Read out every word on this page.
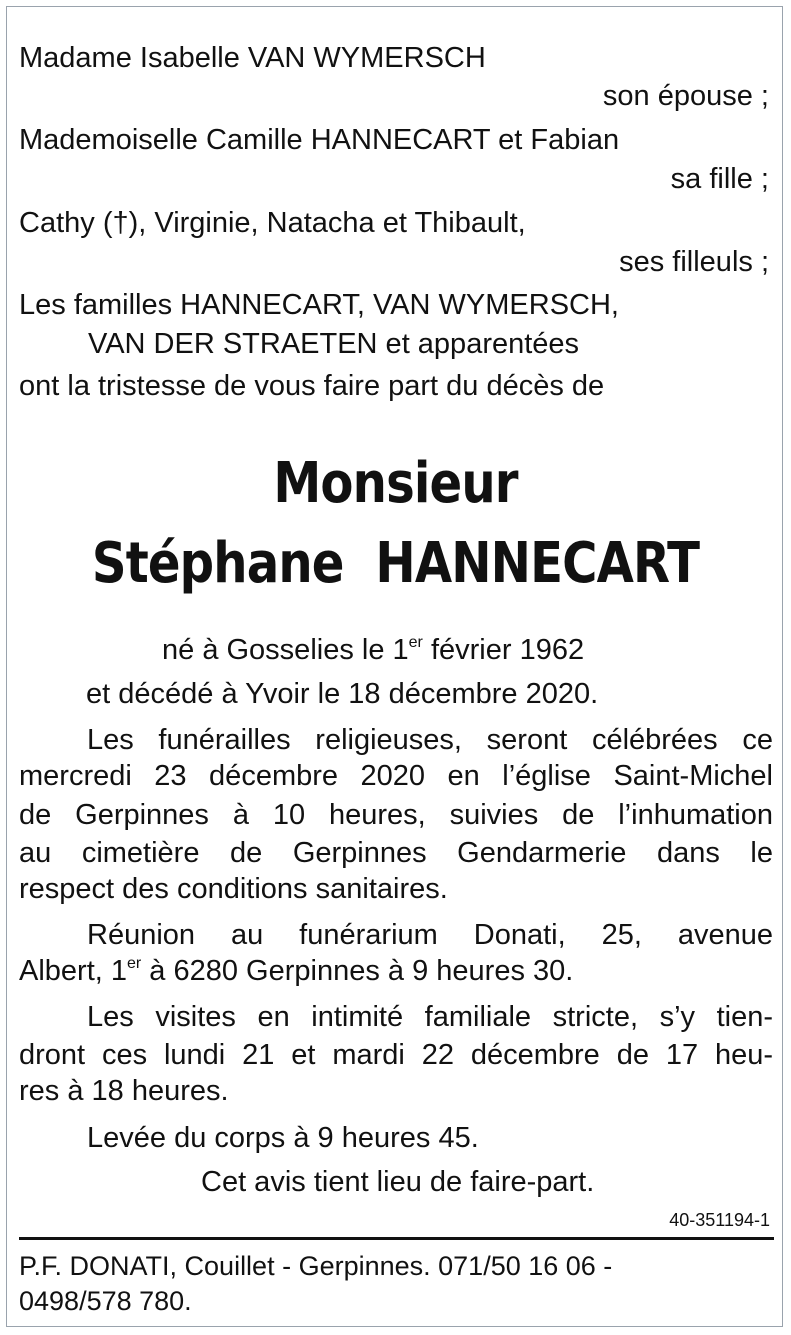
Madame Isabelle VAN WYMERSCH
son épouse ;
Mademoiselle Camille HANNECART et Fabian
sa fille ;
Cathy (†), Virginie, Natacha et Thibault,
ses filleuls ;
Les familles HANNECART, VAN WYMERSCH,
VAN DER STRAETEN et apparentées
ont la tristesse de vous faire part du décès de
Monsieur
Stéphane  HANNECART
né à Gosselies le 1er février 1962
et décédé à Yvoir le 18 décembre 2020.
Les funérailles religieuses, seront célébrées ce
mercredi 23 décembre 2020 en l’église Saint-Michel
de Gerpinnes à 10 heures, suivies de l’inhumation
au cimetière de Gerpinnes Gendarmerie dans le
respect des conditions sanitaires.
Réunion au funérarium Donati, 25, avenue
Albert, 1er à 6280 Gerpinnes à 9 heures 30.
Les visites en intimité familiale stricte, s’y tien-
dront ces lundi 21 et mardi 22 décembre de 17 heu-
res à 18 heures.
Levée du corps à 9 heures 45.
Cet avis tient lieu de faire-part.
40-351194-1
P.F. DONATI, Couillet - Gerpinnes. 071/50 16 06 -
0498/578 780.
